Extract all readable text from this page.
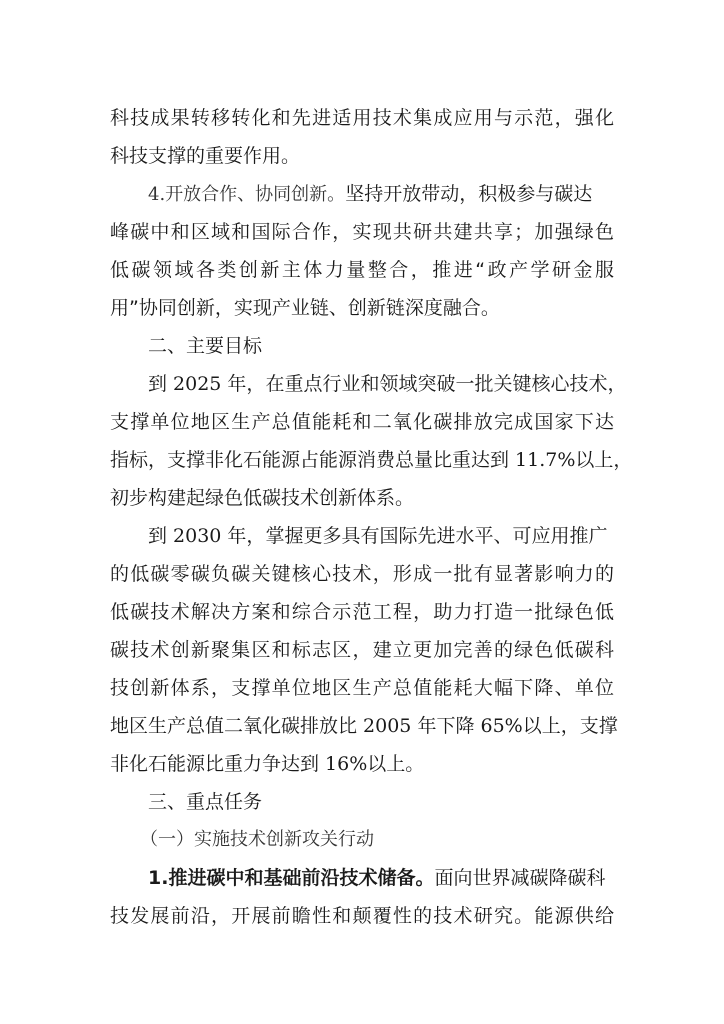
科技成果转移转化和先进适用技术集成应用与示范，强化
科技支撑的重要作用。
4.开放合作、协同创新。坚持开放带动，积极参与碳达
峰碳中和区域和国际合作，实现共研共建共享；加强绿色
低碳领域各类创新主体力量整合，推进“政产学研金服
用”协同创新，实现产业链、创新链深度融合。
二、主要目标
到 2025 年，在重点行业和领域突破一批关键核心技术，
支撑单位地区生产总值能耗和二氧化碳排放完成国家下达
指标，支撑非化石能源占能源消费总量比重达到 11.7%以上，
初步构建起绿色低碳技术创新体系。
到 2030 年，掌握更多具有国际先进水平、可应用推广
的低碳零碳负碳关键核心技术，形成一批有显著影响力的
低碳技术解决方案和综合示范工程，助力打造一批绿色低
碳技术创新聚集区和标志区，建立更加完善的绿色低碳科
技创新体系，支撑单位地区生产总值能耗大幅下降、单位
地区生产总值二氧化碳排放比 2005 年下降 65%以上，支撑
非化石能源比重力争达到 16%以上。
三、重点任务
（一）实施技术创新攻关行动
1.推进碳中和基础前沿技术储备。面向世界减碳降碳科
技发展前沿，开展前瞻性和颠覆性的技术研究。能源供给
